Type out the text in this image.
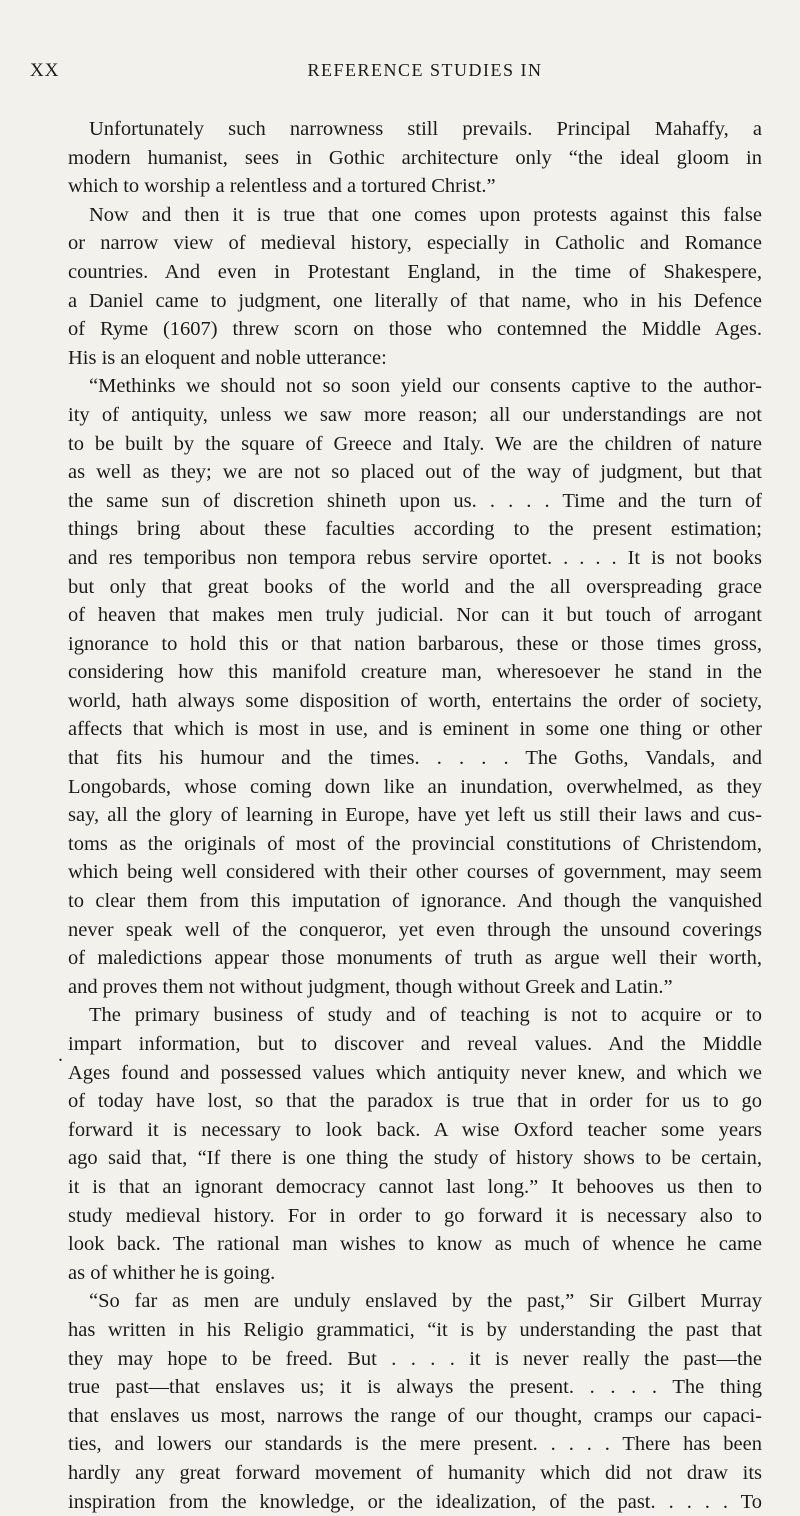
XX	REFERENCE STUDIES IN
.
Unfortunately such narrowness still prevails. Principal Mahaffy, a
modern humanist, sees in Gothic architecture only “the ideal gloom in
which to worship a relentless and a tortured Christ.”
Now and then it is true that one comes upon protests against this false
or narrow view of medieval history, especially in Catholic and Romance
countries. And even in Protestant England, in the time of Shakespere,
a Daniel came to judgment, one literally of that name, who in his Defence
of Ryme (1607) threw scorn on those who contemned the Middle Ages.
His is an eloquent and noble utterance:
“Methinks we should not so soon yield our consents captive to the author-
ity of antiquity, unless we saw more reason; all our understandings are not
to be built by the square of Greece and Italy. We are the children of nature
as well as they; we are not so placed out of the way of judgment, but that
the same sun of discretion shineth upon us. . . . . Time and the turn of
things bring about these faculties according to the present estimation;
and res temporibus non tempora rebus servire oportet. . . . . It is not books
but only that great books of the world and the all overspreading grace
of heaven that makes men truly judicial. Nor can it but touch of arrogant
ignorance to hold this or that nation barbarous, these or those times gross,
considering how this manifold creature man, wheresoever he stand in the
world, hath always some disposition of worth, entertains the order of society,
affects that which is most in use, and is eminent in some one thing or other
that fits his humour and the times. . . . . The Goths, Vandals, and
Longobards, whose coming down like an inundation, overwhelmed, as they
say, all the glory of learning in Europe, have yet left us still their laws and cus-
toms as the originals of most of the provincial constitutions of Christendom,
which being well considered with their other courses of government, may seem
to clear them from this imputation of ignorance. And though the vanquished
never speak well of the conqueror, yet even through the unsound coverings
of maledictions appear those monuments of truth as argue well their worth,
and proves them not without judgment, though without Greek and Latin.”
The primary business of study and of teaching is not to acquire or to
impart information, but to discover and reveal values. And the Middle
Ages found and possessed values which antiquity never knew, and which we
of today have lost, so that the paradox is true that in order for us to go
forward it is necessary to look back. A wise Oxford teacher some years
ago said that, “If there is one thing the study of history shows to be certain,
it is that an ignorant democracy cannot last long.” It behooves us then to
study medieval history. For in order to go forward it is necessary also to
look back. The rational man wishes to know as much of whence he came
as of whither he is going.
“So far as men are unduly enslaved by the past,” Sir Gilbert Murray
has written in his Religio grammatici, “it is by understanding the past that
they may hope to be freed. But . . . . it is never really the past—the
true past—that enslaves us; it is always the present. . . . . The thing
that enslaves us most, narrows the range of our thought, cramps our capaci-
ties, and lowers our standards is the mere present. . . . . There has been
hardly any great forward movement of humanity which did not draw its
inspiration from the knowledge, or the idealization, of the past. . . . . To
